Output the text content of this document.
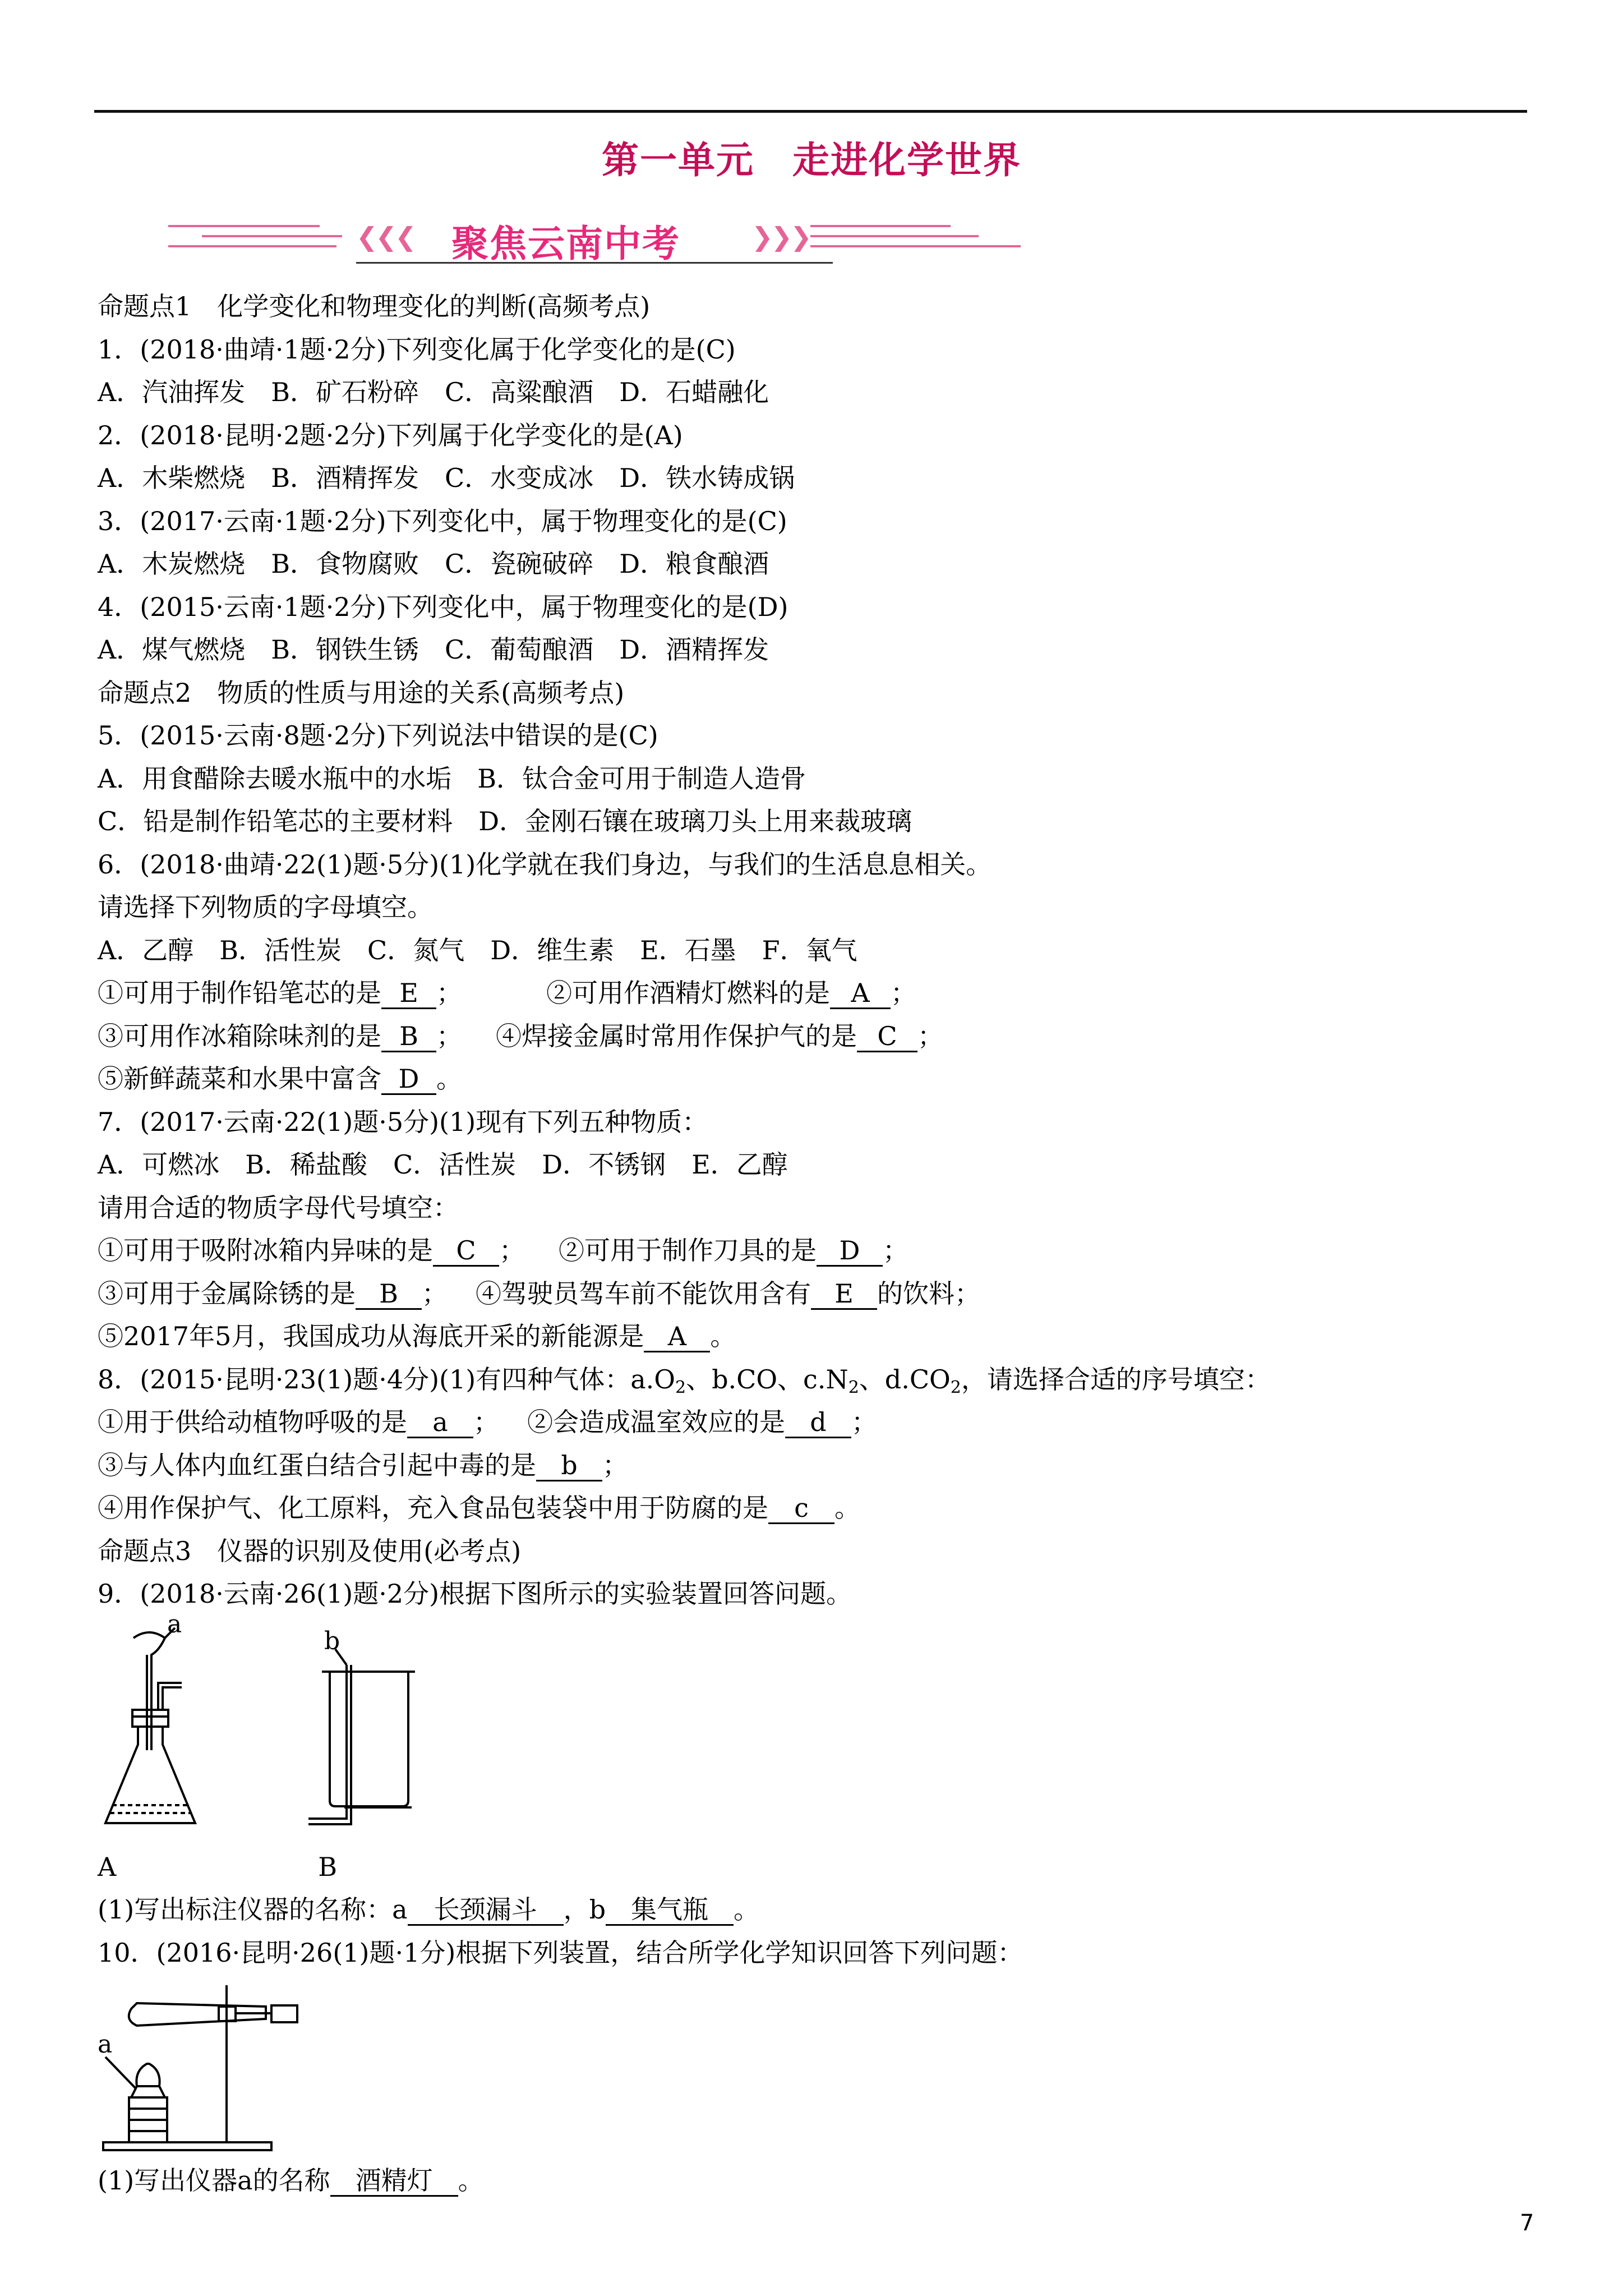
第一单元　走进化学世界
❮❮❮ 聚焦云南中考	❯❯❯
命题点1　化学变化和物理变化的判断(高频考点)
1．(2018·曲靖·1题·2分)下列变化属于化学变化的是(C)
A．汽油挥发　B．矿石粉碎　C．高粱酿酒　D．石蜡融化
2．(2018·昆明·2题·2分)下列属于化学变化的是(A)
A．木柴燃烧　B．酒精挥发　C．水变成冰　D．铁水铸成锅
3．(2017·云南·1题·2分)下列变化中，属于物理变化的是(C)
A．木炭燃烧　B．食物腐败　C．瓷碗破碎　D．粮食酿酒
4．(2015·云南·1题·2分)下列变化中，属于物理变化的是(D)
A．煤气燃烧　B．钢铁生锈　C．葡萄酿酒　D．酒精挥发
命题点2　物质的性质与用途的关系(高频考点)
5．(2015·云南·8题·2分)下列说法中错误的是(C)
A．用食醋除去暖水瓶中的水垢　B．钛合金可用于制造人造骨
C．铅是制作铅笔芯的主要材料　D．金刚石镶在玻璃刀头上用来裁玻璃
6．(2018·曲靖·22(1)题·5分)(1)化学就在我们身边，与我们的生活息息相关。
请选择下列物质的字母填空。
A．乙醇　B．活性炭　C．氮气　D．维生素　E．石墨　F．氧气
①可用于制作铅笔芯的是 E ；	②可用作酒精灯燃料的是 A ；
③可用作冰箱除味剂的是 B ； ④焊接金属时常用作保护气的是 C ；
⑤新鲜蔬菜和水果中富含 D 。
7．(2017·云南·22(1)题·5分)(1)现有下列五种物质：
A．可燃冰　B．稀盐酸　C．活性炭　D．不锈钢　E．乙醇
请用合适的物质字母代号填空：
①可用于吸附冰箱内异味的是 C ； ②可用于制作刀具的是 D ；
③可用于金属除锈的是 B ； ④驾驶员驾车前不能饮用含有 E 的饮料；
⑤2017年5月，我国成功从海底开采的新能源是 A 。
8．(2015·昆明·23(1)题·4分)(1)有四种气体：$a.O_2$、b.CO、$c.N_2$、$d.CO_2$，请选择合适的序号填空：
①用于供给动植物呼吸的是 a ； ②会造成温室效应的是 d ；
③与人体内血红蛋白结合引起中毒的是 b ；
④用作保护气、化工原料，充入食品包装袋中用于防腐的是 c 。
命题点3　仪器的识别及使用(必考点)
9．(2018·云南·26(1)题·2分)根据下图所示的实验装置回答问题。
a
b
A	B
(1)写出标注仪器的名称：a 长颈漏斗 ，b 集气瓶 。
10．(2016·昆明·26(1)题·1分)根据下列装置，结合所学化学知识回答下列问题：
a
(1)写出仪器a的名称 酒精灯 。
7
